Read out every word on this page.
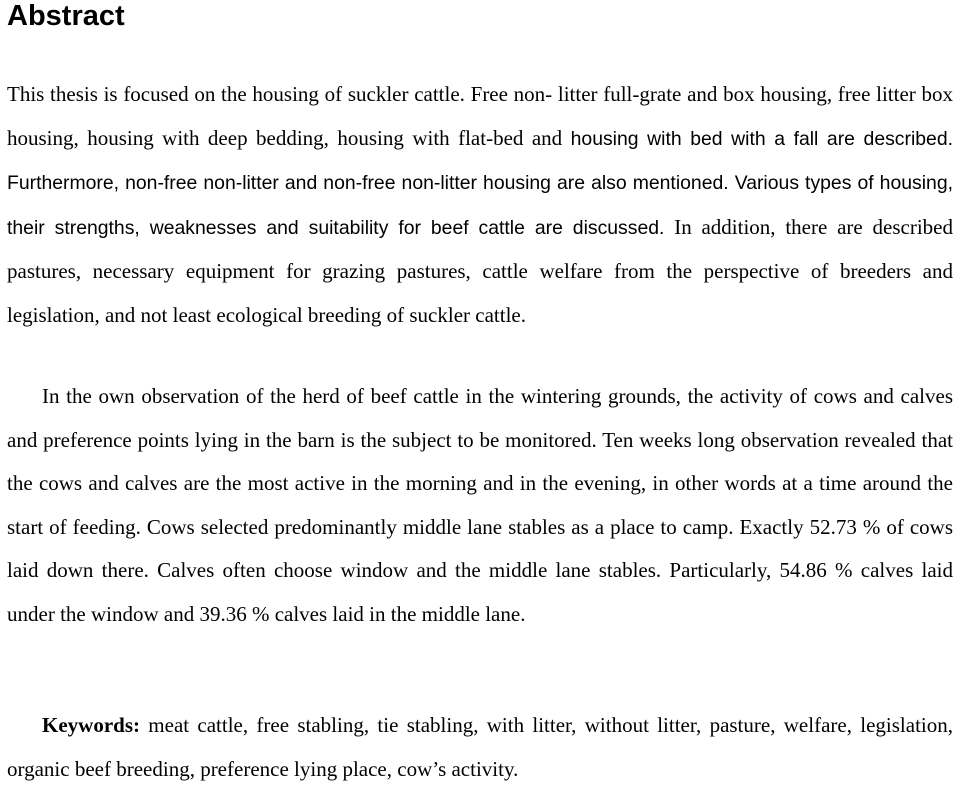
Abstract

This thesis is focused on the housing of suckler cattle. Free non- litter full-grate and box housing, free litter box housing, housing with deep bedding, housing with flat-bed and housing with bed with a fall are described. Furthermore, non-free non-litter and non-free non-litter housing are also mentioned. Various types of housing, their strengths, weaknesses and suitability for beef cattle are discussed. In addition, there are described pastures, necessary equipment for grazing pastures, cattle welfare from the perspective of breeders and legislation, and not least ecological breeding of suckler cattle.

In the own observation of the herd of beef cattle in the wintering grounds, the activity of cows and calves and preference points lying in the barn is the subject to be monitored. Ten weeks long observation revealed that the cows and calves are the most active in the morning and in the evening, in other words at a time around the start of feeding. Cows selected predominantly middle lane stables as a place to camp. Exactly 52.73 % of cows laid down there. Calves often choose window and the middle lane stables. Particularly, 54.86 % calves laid under the window and 39.36 % calves laid in the middle lane.

Keywords: meat cattle, free stabling, tie stabling, with litter, without litter, pasture, welfare, legislation, organic beef breeding, preference lying place, cow’s activity.
